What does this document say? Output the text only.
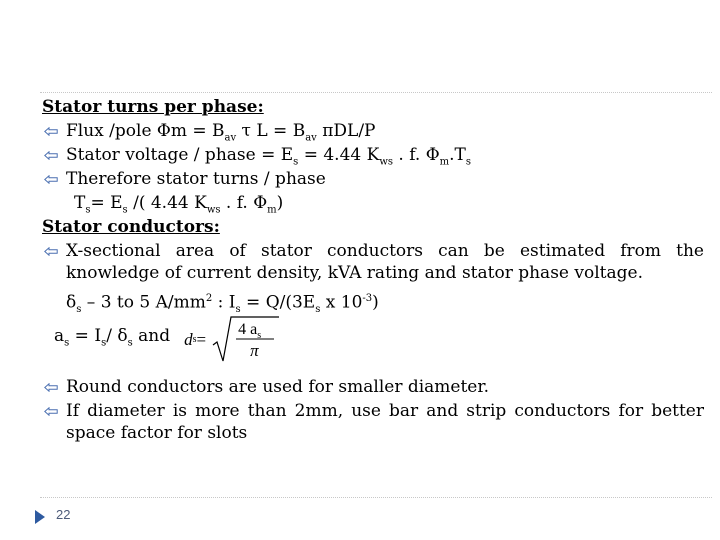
Stator turns per phase:
Flux /pole $\Phi m = B_{av}$ τ $L = B_{av}$ πDL/P
Stator voltage / phase = $E_s = 4.44$ $K_{ws}$ . f. $\Phi_m.T_s$
Therefore stator turns / phase
$T_s= E_s$ /( 4.44 $K_{ws}$ . f. $\Phi_m$)
Stator conductors:
X-sectional area of stator conductors can be estimated from the knowledge of current density, kVA rating and stator phase voltage.
$\delta_s - 3$ to 5 $A/mm^2$ : $I_s = Q/(3E_s$ x $10^{-3}$)
$a_s = I_s/$ $\delta_s$ and d s =
4 $a_s$
π
Round conductors are used for smaller diameter.
If diameter is more than 2mm, use bar and strip conductors for better space factor for slots
22
